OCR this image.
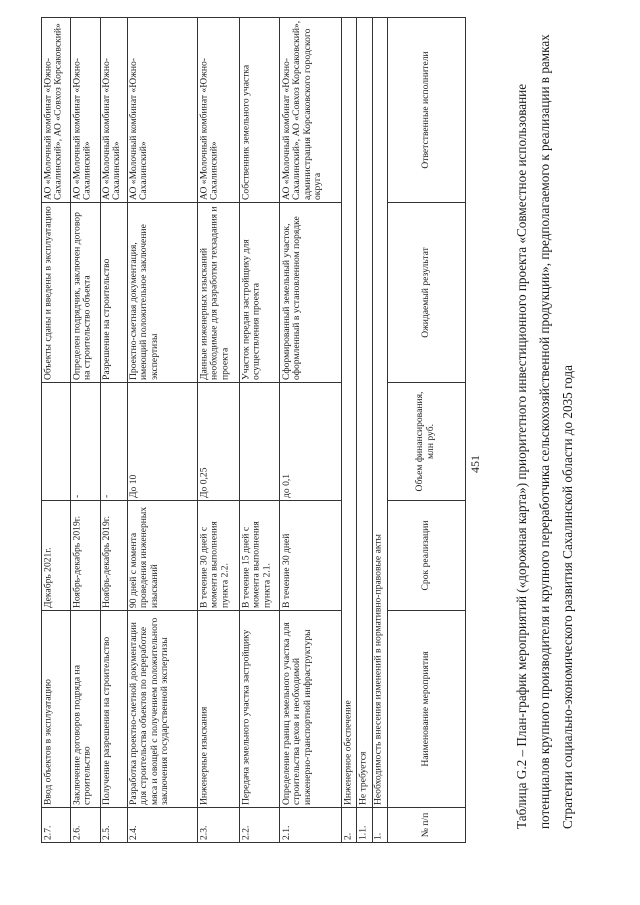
Таблица G.2 – План-график мероприятий («дорожная карта») приоритетного инвестиционного проекта «Совместное использование потенциалов крупного производителя и крупного переработчика сельскохозяйственной продукции», предполагаемого к реализации в рамках Стратегии социально-экономического развития Сахалинской области до 2035 года
№ п/п	Наименование мероприятия	Срок реализации	Объем финансирования, млн руб.	Ожидаемый результат	Ответственные исполнители
1.	Необходимость внесения изменений в нормативно-правовые акты				
1.1.	Не требуется				
2.	Инженерное обеспечение				
2.1.	Определение границ земельного участка для строительства цехов и необходимой инженерно-транспортной инфраструктуры	В течение 30 дней	до 0,1	Сформированный земельный участок, оформленный в установленном порядке	АО «Молочный комбинат «Южно-Сахалинский», АО «Совхоз Корсаковский», администрация Корсаковского городского округа
2.2.	Передача земельного участка застройщику	В течение 15 дней с момента выполнения пункта 2.1.		Участок передан застройщику для осуществления проекта	Собственник земельного участка
2.3.	Инженерные изыскания	В течение 30 дней с момента выполнения пункта 2.2.	До 0,25	Данные инженерных изысканий необходимые для разработки техзадания и проекта	АО «Молочный комбинат «Южно-Сахалинский»
2.4.	Разработка проектно-сметной документации для строительства объектов по переработке мяса и овощей с получением положительного заключения государственной экспертизы	90 дней с момента проведения инженерных изысканий	До 10	Проектно-сметная документация, имеющий положительное заключение экспертизы	АО «Молочный комбинат «Южно-Сахалинский»
2.5.	Получение разрешения на строительство	Ноябрь-декабрь 2019г.	-	Разрешение на строительство	АО «Молочный комбинат «Южно-Сахалинский»
2.6.	Заключение договоров подряда на строительство	Ноябрь-декабрь 2019г.	-	Определен подрядчик, заключен договор на строительство объекта	АО «Молочный комбинат «Южно-Сахалинский»
2.7.	Ввод объектов в эксплуатацию	Декабрь 2021г.		Объекты сданы и введены в эксплуатацию	АО «Молочный комбинат «Южно-Сахалинский», АО «Совхоз Корсаковский»
451
